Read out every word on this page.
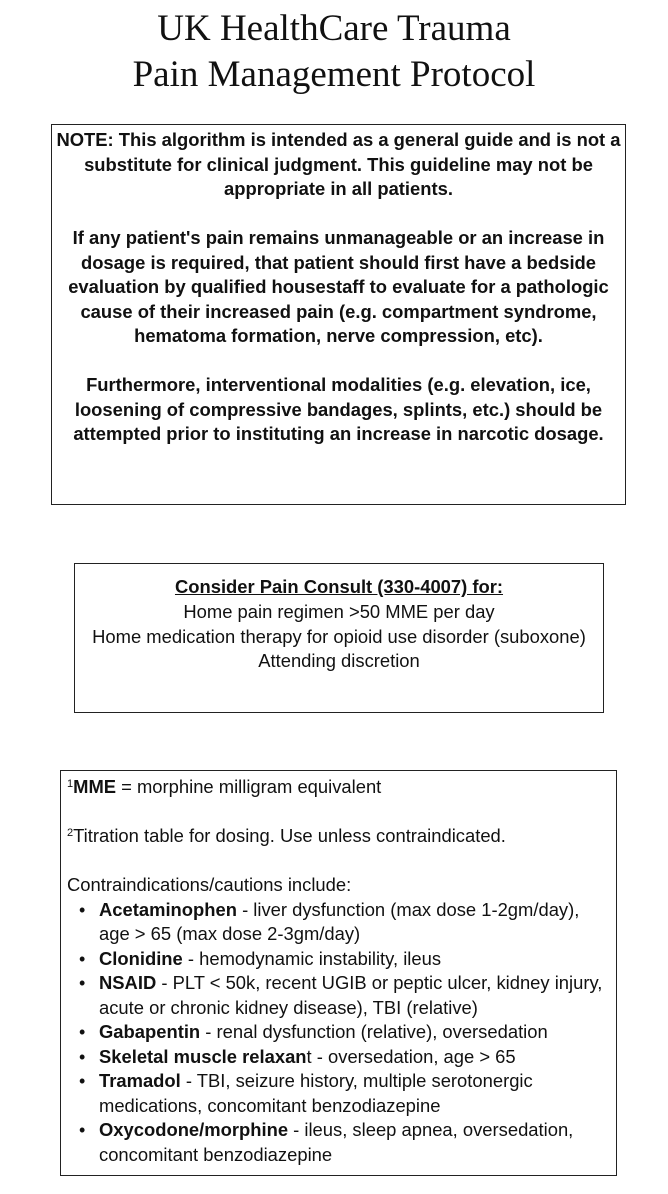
UK HealthCare Trauma
Pain Management Protocol

NOTE: This algorithm is intended as a general guide and is not a substitute for clinical judgment. This guideline may not be appropriate in all patients.

If any patient's pain remains unmanageable or an increase in dosage is required, that patient should first have a bedside evaluation by qualified housestaff to evaluate for a pathologic cause of their increased pain (e.g. compartment syndrome, hematoma formation, nerve compression, etc).

Furthermore, interventional modalities (e.g. elevation, ice, loosening of compressive bandages, splints, etc.) should be attempted prior to instituting an increase in narcotic dosage.

Consider Pain Consult (330-4007) for:
Home pain regimen >50 MME per day
Home medication therapy for opioid use disorder (suboxone)
Attending discretion

$^1$MME = morphine milligram equivalent

$^2$Titration table for dosing. Use unless contraindicated.

Contraindications/cautions include:

• Acetaminophen - liver dysfunction (max dose 1-2gm/day), age > 65 (max dose 2-3gm/day)
• Clonidine - hemodynamic instability, ileus
• NSAID - PLT < 50k, recent UGIB or peptic ulcer, kidney injury, acute or chronic kidney disease), TBI (relative)
• Gabapentin - renal dysfunction (relative), oversedation
• Skeletal muscle relaxant - oversedation, age > 65
• Tramadol - TBI, seizure history, multiple serotonergic medications, concomitant benzodiazepine
• Oxycodone/morphine - ileus, sleep apnea, oversedation, concomitant benzodiazepine
